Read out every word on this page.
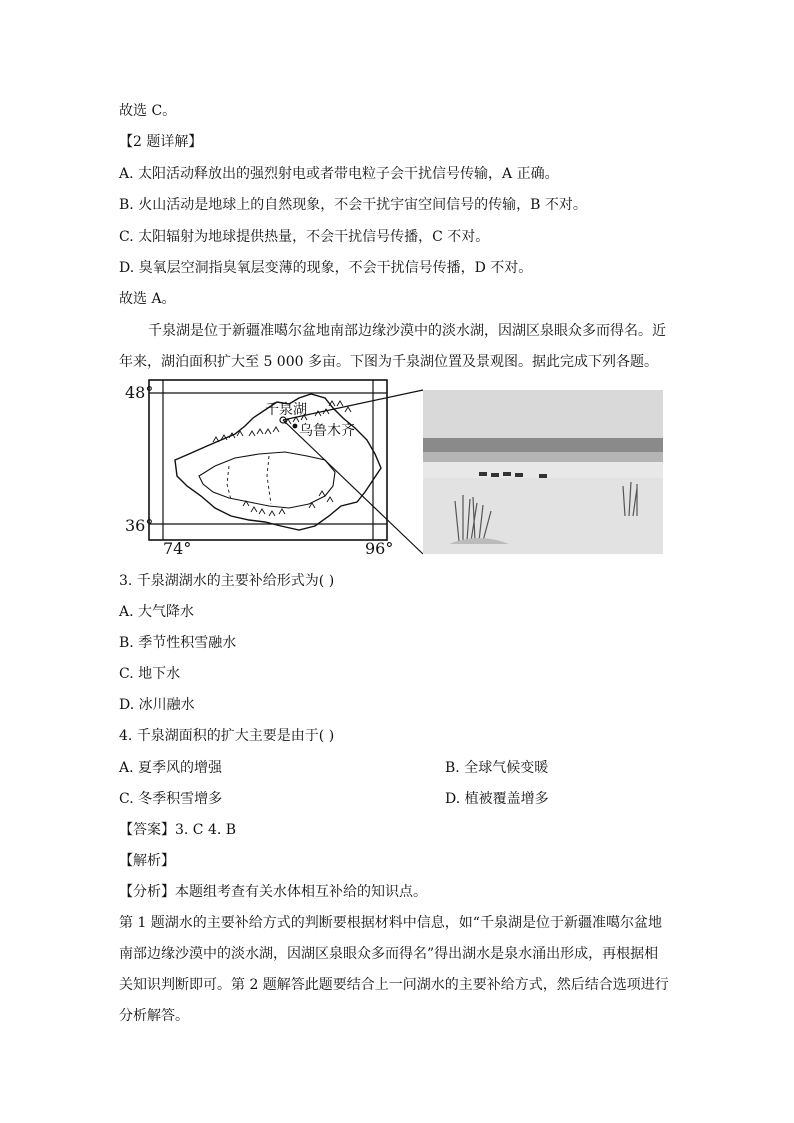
故选 C。
【2 题详解】
A. 太阳活动释放出的强烈射电或者带电粒子会干扰信号传输，A 正确。
B. 火山活动是地球上的自然现象，不会干扰宇宙空间信号的传输，B 不对。
C. 太阳辐射为地球提供热量，不会干扰信号传播，C 不对。
D. 臭氧层空洞指臭氧层变薄的现象，不会干扰信号传播，D 不对。
故选 A。
千泉湖是位于新疆准噶尔盆地南部边缘沙漠中的淡水湖，因湖区泉眼众多而得名。近
年来，湖泊面积扩大至 5 000 多亩。下图为千泉湖位置及景观图。据此完成下列各题。
千泉湖
乌鲁木齐
48°
36°
74°	96°
3. 千泉湖湖水的主要补给形式为( )
A. 大气降水
B. 季节性积雪融水
C. 地下水
D. 冰川融水
4. 千泉湖面积的扩大主要是由于( )
A. 夏季风的增强	B. 全球气候变暖
C. 冬季积雪增多	D. 植被覆盖增多
【答案】3. C 4. B
【解析】
【分析】本题组考查有关水体相互补给的知识点。
第 1 题湖水的主要补给方式的判断要根据材料中信息，如“千泉湖是位于新疆准噶尔盆地
南部边缘沙漠中的淡水湖，因湖区泉眼众多而得名”得出湖水是泉水涌出形成，再根据相
关知识判断即可。第 2 题解答此题要结合上一问湖水的主要补给方式，然后结合选项进行
分析解答。
